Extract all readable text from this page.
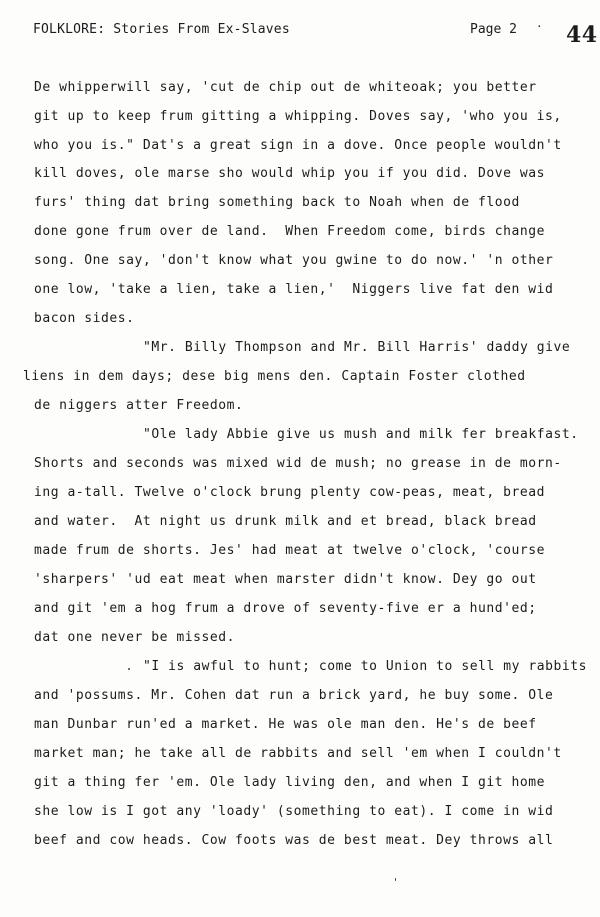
FOLKLORE: Stories From Ex-Slaves	Page 2 · 44
De whipperwill say, 'cut de chip out de whiteoak; you better
git up to keep frum gitting a whipping. Doves say, 'who you is,
who you is." Dat's a great sign in a dove. Once people wouldn't
kill doves, ole marse sho would whip you if you did. Dove was
furs' thing dat bring something back to Noah when de flood
done gone frum over de land.  When Freedom come, birds change
song. One say, 'don't know what you gwine to do now.' 'n other
one low, 'take a lien, take a lien,'  Niggers live fat den wid
bacon sides.
"Mr. Billy Thompson and Mr. Bill Harris' daddy give
liens in dem days; dese big mens den. Captain Foster clothed
de niggers atter Freedom.
"Ole lady Abbie give us mush and milk fer breakfast.
Shorts and seconds was mixed wid de mush; no grease in de morn-
ing a-tall. Twelve o'clock brung plenty cow-peas, meat, bread
and water.  At night us drunk milk and et bread, black bread
made frum de shorts. Jes' had meat at twelve o'clock, 'course
'sharpers' 'ud eat meat when marster didn't know. Dey go out
and git 'em a hog frum a drove of seventy-five er a hund'ed;
dat one never be missed.
"I is awful to hunt; come to Union to sell my rabbits
and 'possums. Mr. Cohen dat run a brick yard, he buy some. Ole
man Dunbar run'ed a market. He was ole man den. He's de beef
market man; he take all de rabbits and sell 'em when I couldn't
git a thing fer 'em. Ole lady living den, and when I git home
she low is I got any 'loady' (something to eat). I come in wid
beef and cow heads. Cow foots was de best meat. Dey throws all
